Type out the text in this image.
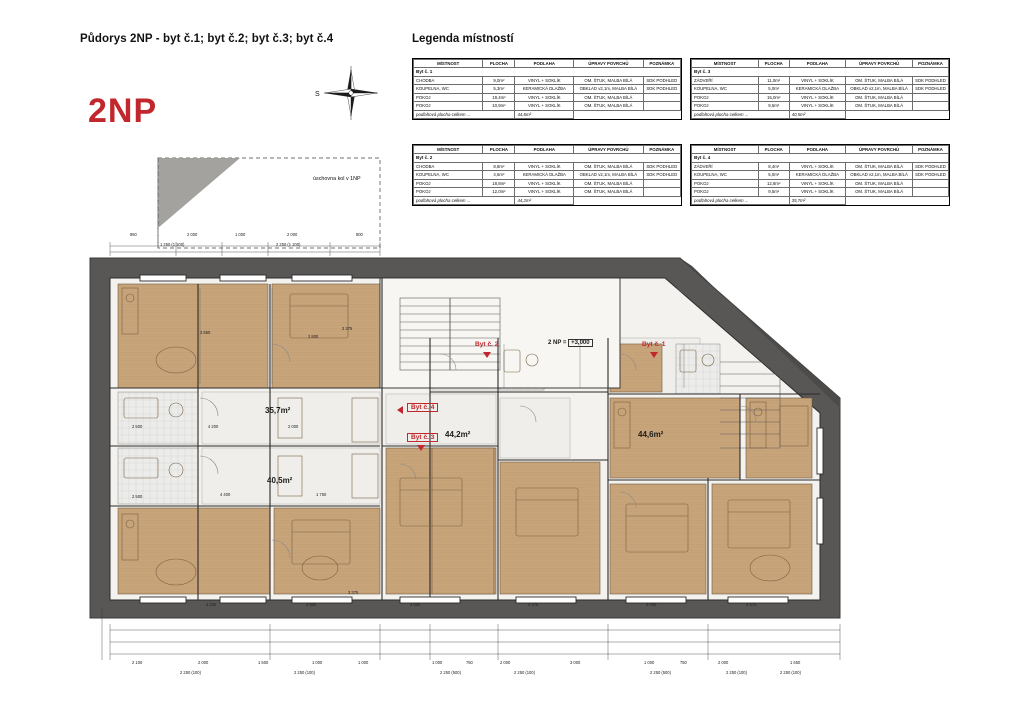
Půdorys 2NP - byt č.1; byt č.2; byt č.3; byt č.4	Legenda místností
2NP	S
MÍSTNOST	PLOCHA	PODLAHA	ÚPRAVY POVRCHŮ	POZNÁMKA
Byt č. 1				
CHODBA	9,0m²	VINYL + SOKLÍK	OM. ŠTUK, MALBA BÍLÁ	SDK PODHLED
KOUPELNA, WC	5,3m²	KERAMICKÁ DLAŽBA	OBKLAD v2,1m, MALBA BÍLÁ	SDK PODHLED
POKOJ	19,4m²	VINYL + SOKLÍK	OM. ŠTUK, MALBA BÍLÁ	
POKOJ	10,9m²	VINYL + SOKLÍK	OM. ŠTUK, MALBA BÍLÁ	
podlahová plocha celkem ...		44,6m²		
MÍSTNOST	PLOCHA	PODLAHA	ÚPRAVY POVRCHŮ	POZNÁMKA
Byt č. 2				
CHODBA	8,8m²	VINYL + SOKLÍK	OM. ŠTUK, MALBA BÍLÁ	SDK PODHLED
KOUPELNA, WC	4,6m²	KERAMICKÁ DLAŽBA	OBKLAD v2,1m, MALBA BÍLÁ	SDK PODHLED
POKOJ	18,8m²	VINYL + SOKLÍK	OM. ŠTUK, MALBA BÍLÁ	
POKOJ	12,0m²	VINYL + SOKLÍK	OM. ŠTUK, MALBA BÍLÁ	
podlahová plocha celkem ...		44,2m²		
MÍSTNOST	PLOCHA	PODLAHA	ÚPRAVY POVRCHŮ	POZNÁMKA
Byt č. 3				
ZÁDVEŘÍ	11,0m²	VINYL + SOKLÍK	OM. ŠTUK, MALBA BÍLÁ	SDK PODHLED
KOUPELNA, WC	5,0m²	KERAMICKÁ DLAŽBA	OBKLAD v2,1m, MALBA BÍLÁ	SDK PODHLED
POKOJ	15,0m²	VINYL + SOKLÍK	OM. ŠTUK, MALBA BÍLÁ	
POKOJ	9,5m²	VINYL + SOKLÍK	OM. ŠTUK, MALBA BÍLÁ	
podlahová plocha celkem ...		40,5m²		
MÍSTNOST	PLOCHA	PODLAHA	ÚPRAVY POVRCHŮ	POZNÁMKA
Byt č. 4				
ZÁDVEŘÍ	8,4m²	VINYL + SOKLÍK	OM. ŠTUK, MALBA BÍLÁ	SDK PODHLED
KOUPELNA, WC	5,0m²	KERAMICKÁ DLAŽBA	OBKLAD v2,1m, MALBA BÍLÁ	SDK PODHLED
POKOJ	12,8m²	VINYL + SOKLÍK	OM. ŠTUK, MALBA BÍLÁ	
POKOJ	9,5m²	VINYL + SOKLÍK	OM. ŠTUK, MALBA BÍLÁ	
podlahová plocha celkem ...		35,7m²		
2 NP = +3,000	Byt č. 1
Byt č. 2
Byt č. 3
Byt č. 4
35,7m²
40,5m²
44,2m²	44,6m²
950	2 000	1 000	2 000	800
1 250 (1 100)	2 250 (1 100)
3 850
2 800
3 375
2 500	4 200	2 000
2 500	4 400	1 750
4 200	2 800
3 375
3 000	3 375	3 000	3 375
2 100	2 000	1 500	1 000	1 000	1 000	750	2 000	3 000	1 000	750	2 000	1 650
2 250 (100)	2 250 (100)	2 250 (500)	2 250 (100)	2 250 (500)	2 250 (100)	2 250 (100)
úschovna kol v 1NP
